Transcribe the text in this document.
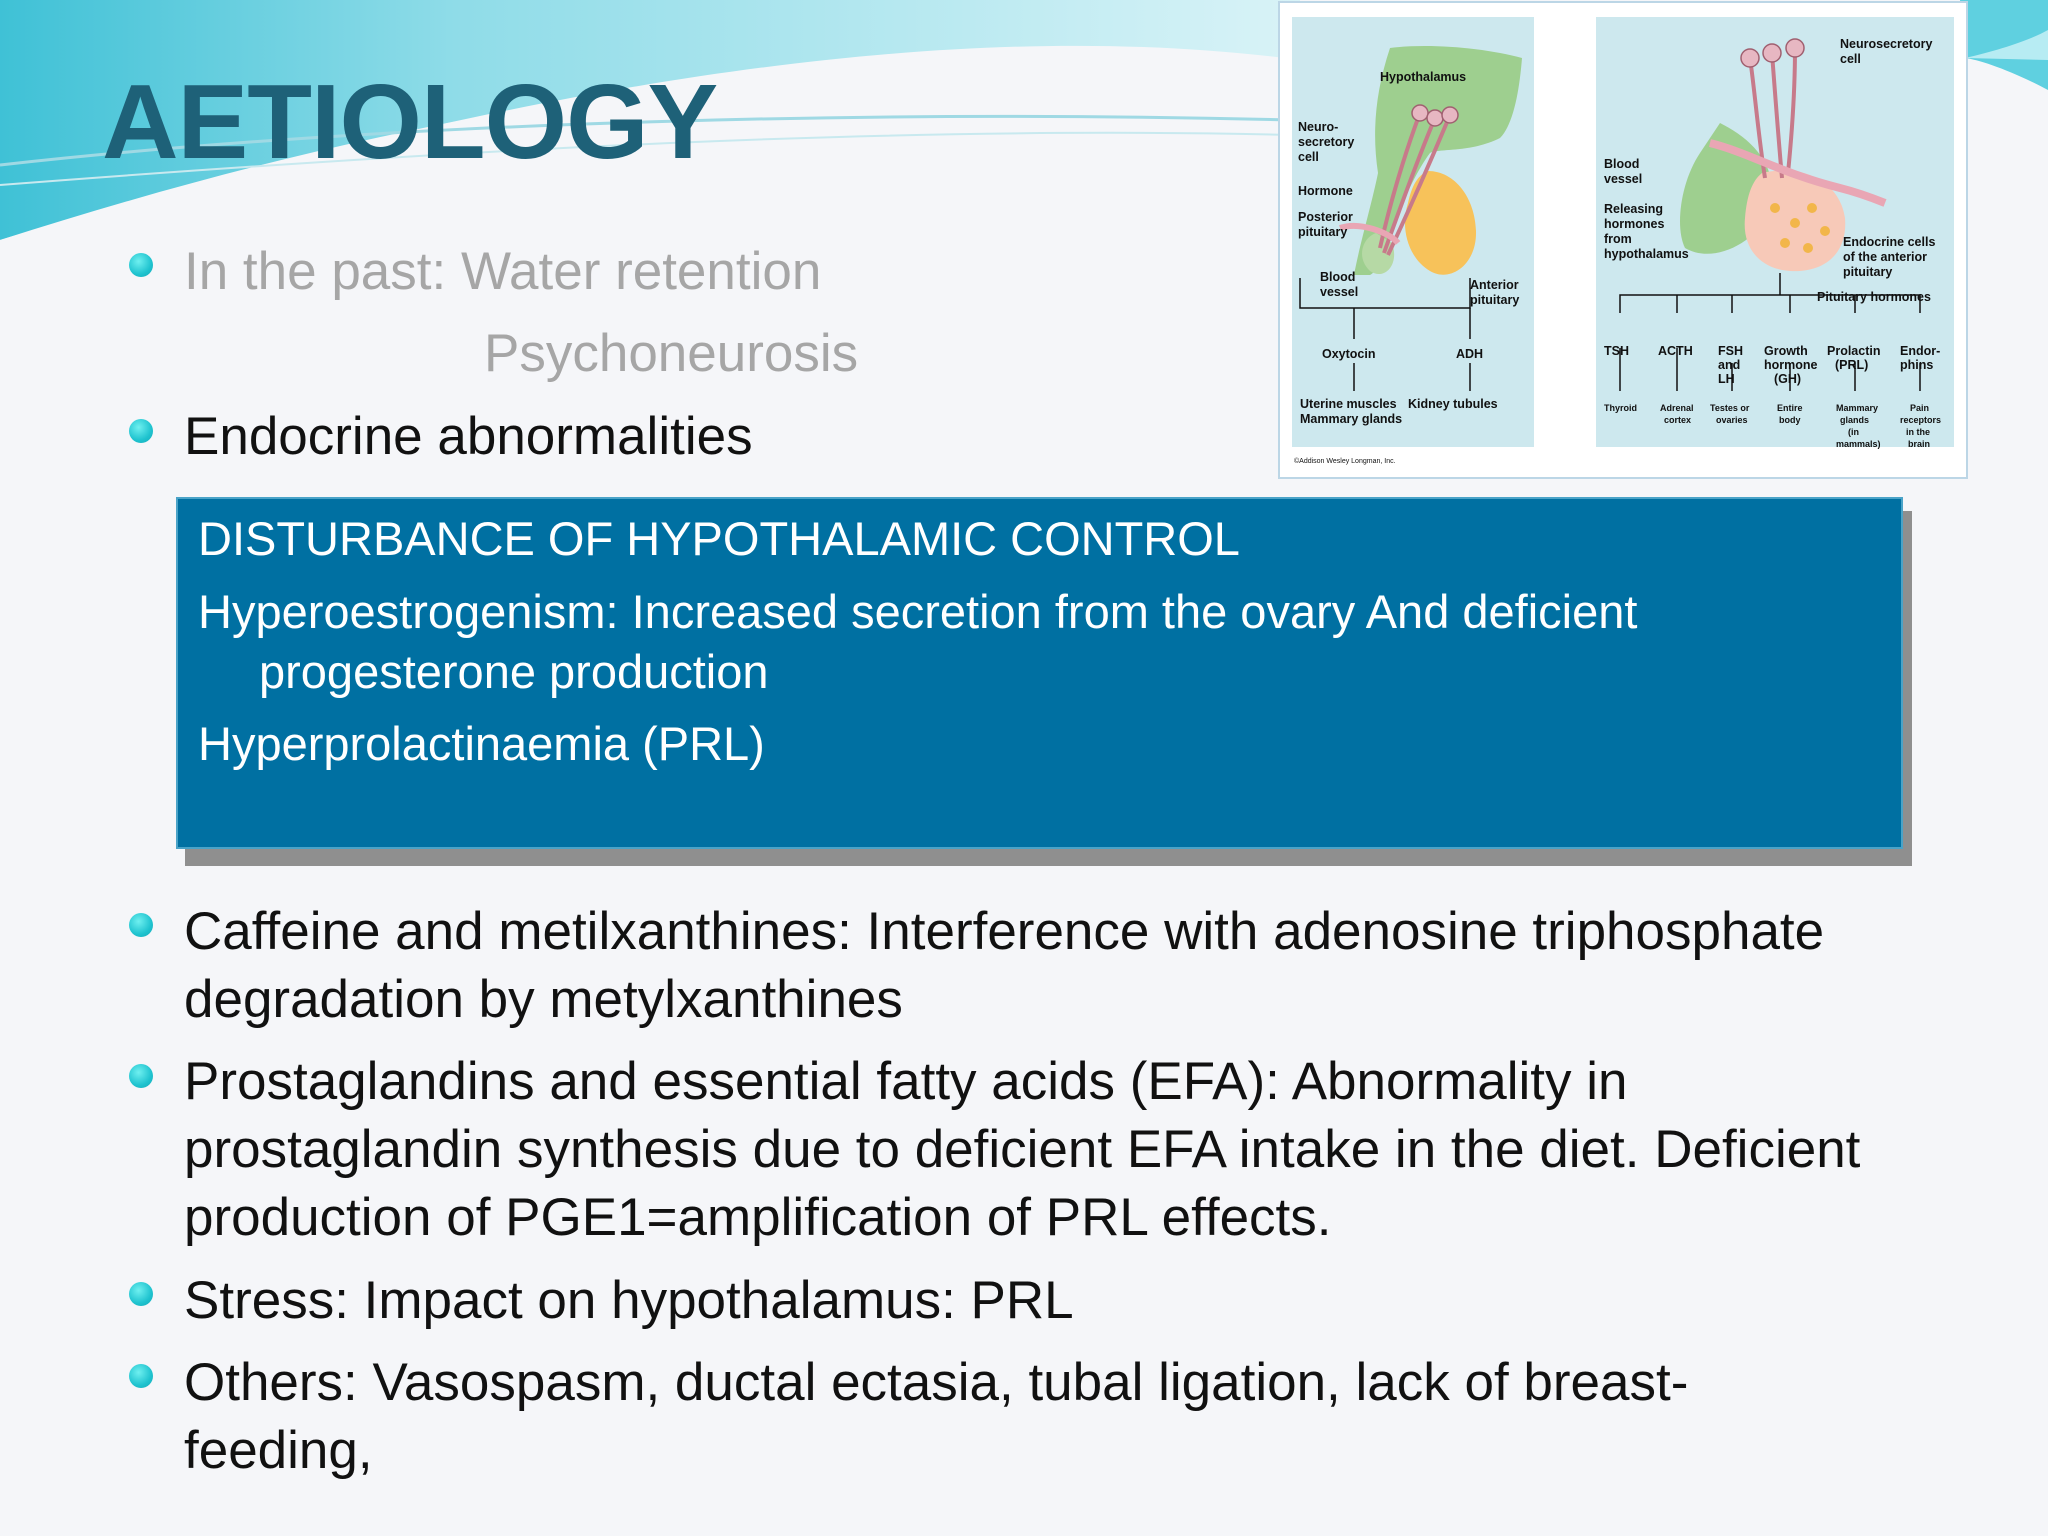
AETIOLOGY

In the past: Water retention

Psychoneurosis

Endocrine abnormalities

DISTURBANCE OF HYPOTHALAMIC CONTROL

Hyperoestrogenism: Increased secretion from the ovary And deficient

progesterone production

Hyperprolactinaemia (PRL)

Caffeine and metilxanthines: Interference with adenosine triphosphate

degradation by metylxanthines

Prostaglandins and essential fatty acids (EFA): Abnormality in

prostaglandin synthesis due to deficient EFA intake in the diet. Deficient

production of PGE1=amplification of PRL effects.

Stress: Impact on hypothalamus: PRL

Others: Vasospasm, ductal ectasia, tubal ligation, lack of breast-

feeding,

Hypothalamus
Neuro-
secretory
cell
Hormone
Posterior
pituitary
Blood
vessel	Anterior
pituitary
Oxytocin	ADH
Uterine muscles
Mammary glands
Kidney tubules
©Addison Wesley Longman, Inc.
Neurosecretory
cell
Blood
vessel
Releasing
hormones
from
hypothalamus
Endocrine cells
of the anterior
pituitary
Pituitary hormones
TSH ACTH FSH
and
LH
Growth
hormone
(GH)
Prolactin
(PRL)
Endor-
phins
Thyroid	Adrenal
cortex
Testes or
ovaries
Entire
body
Mammary
glands
(in
mammals)
Pain
receptors
in the
brain
